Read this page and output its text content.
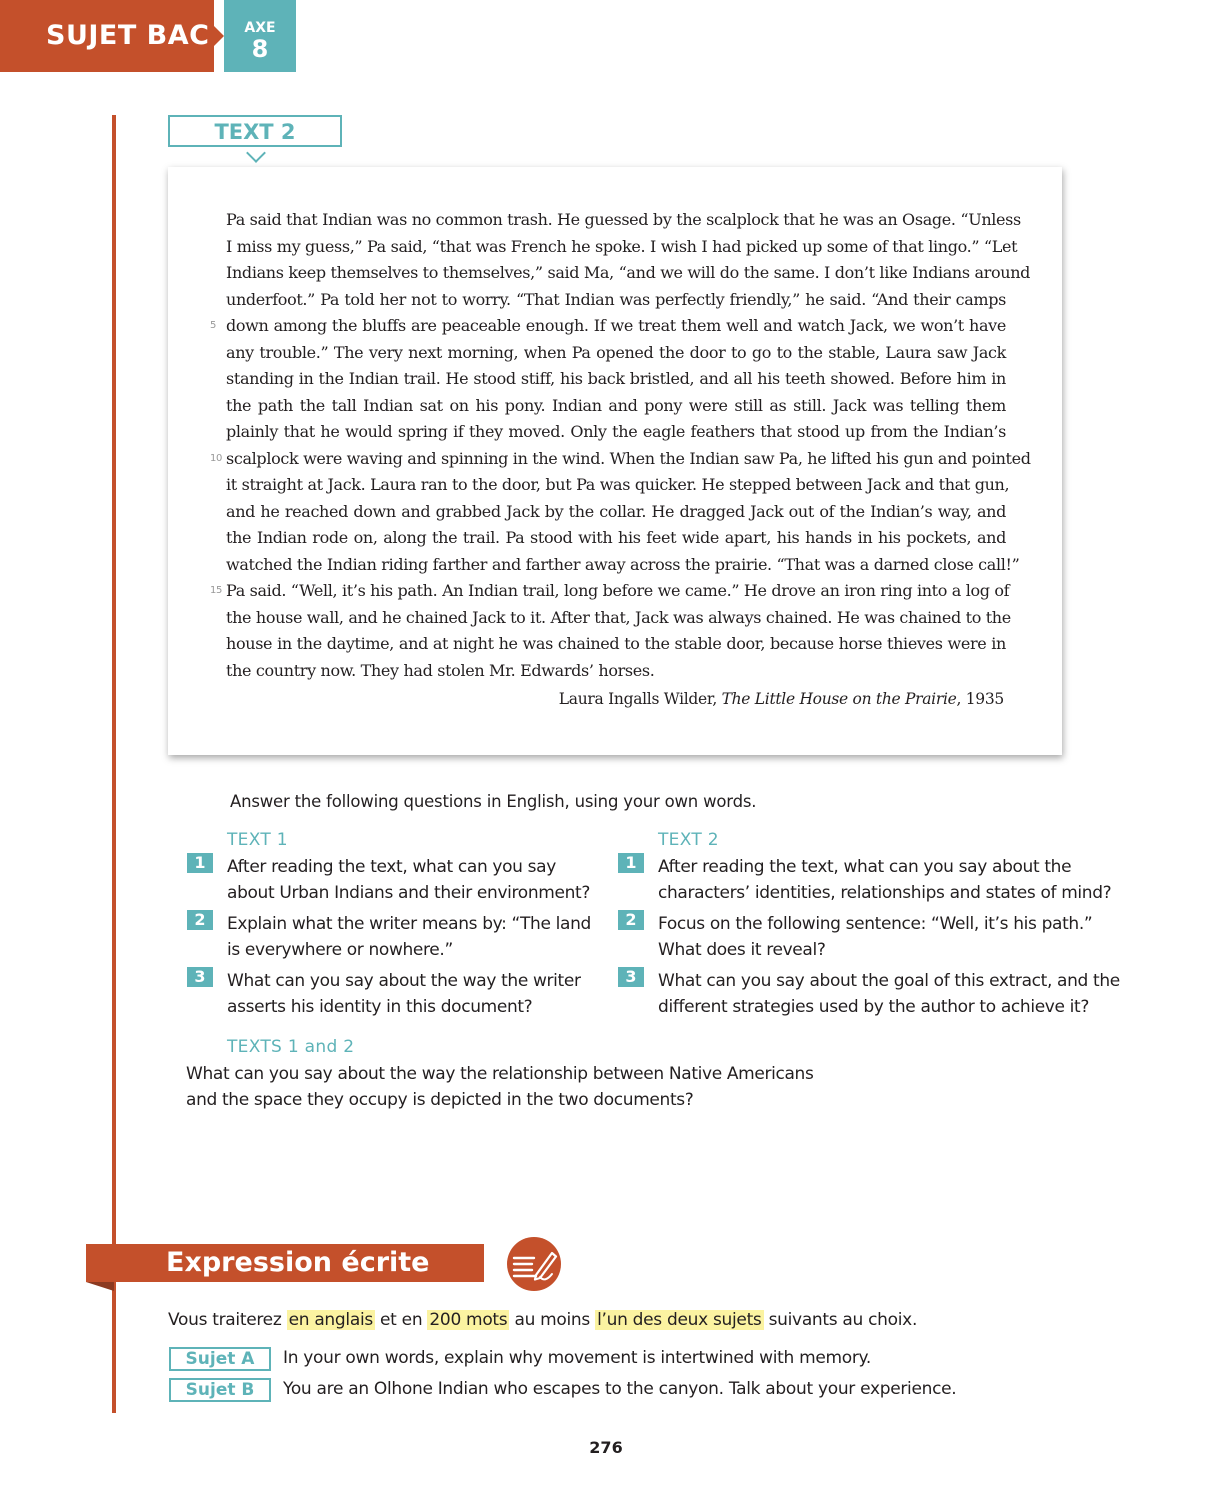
SUJET BAC	AXE
8
TEXT 2
Pa said that Indian was no common trash. He guessed by the scalplock that he was an Osage. “Unless
I miss my guess,” Pa said, “that was French he spoke. I wish I had picked up some of that lingo.” “Let
Indians keep themselves to themselves,” said Ma, “and we will do the same. I don’t like Indians around
underfoot.” Pa told her not to worry. “That Indian was perfectly friendly,” he said. “And their camps
5 down among the bluffs are peaceable enough. If we treat them well and watch Jack, we won’t have
any trouble.” The very next morning, when Pa opened the door to go to the stable, Laura saw Jack
standing in the Indian trail. He stood stiff, his back bristled, and all his teeth showed. Before him in
the path the tall Indian sat on his pony. Indian and pony were still as still. Jack was telling them
plainly that he would spring if they moved. Only the eagle feathers that stood up from the Indian’s
10 scalplock were waving and spinning in the wind. When the Indian saw Pa, he lifted his gun and pointed
it straight at Jack. Laura ran to the door, but Pa was quicker. He stepped between Jack and that gun,
and he reached down and grabbed Jack by the collar. He dragged Jack out of the Indian’s way, and
the Indian rode on, along the trail. Pa stood with his feet wide apart, his hands in his pockets, and
watched the Indian riding farther and farther away across the prairie. “That was a darned close call!”
15 Pa said. “Well, it’s his path. An Indian trail, long before we came.” He drove an iron ring into a log of
the house wall, and he chained Jack to it. After that, Jack was always chained. He was chained to the
house in the daytime, and at night he was chained to the stable door, because horse thieves were in
the country now. They had stolen Mr. Edwards’ horses.
Laura Ingalls Wilder, The Little House on the Prairie, 1935
Answer the following questions in English, using your own words.
TEXT 1	TEXT 2
1	After reading the text, what can you say
about Urban Indians and their environment?
2	Explain what the writer means by: “The land
is everywhere or nowhere.”
3	What can you say about the way the writer
asserts his identity in this document?
1	After reading the text, what can you say about the
characters’ identities, relationships and states of mind?
2	Focus on the following sentence: “Well, it’s his path.”
What does it reveal?
3	What can you say about the goal of this extract, and the
different strategies used by the author to achieve it?
TEXTS 1 and 2
What can you say about the way the relationship between Native Americans
and the space they occupy is depicted in the two documents?
Expression écrite
Vous traiterez en anglais et en 200 mots au moins l’un des deux sujets suivants au choix.
Sujet A	In your own words, explain why movement is intertwined with memory.
Sujet B	You are an Olhone Indian who escapes to the canyon. Talk about your experience.
276
